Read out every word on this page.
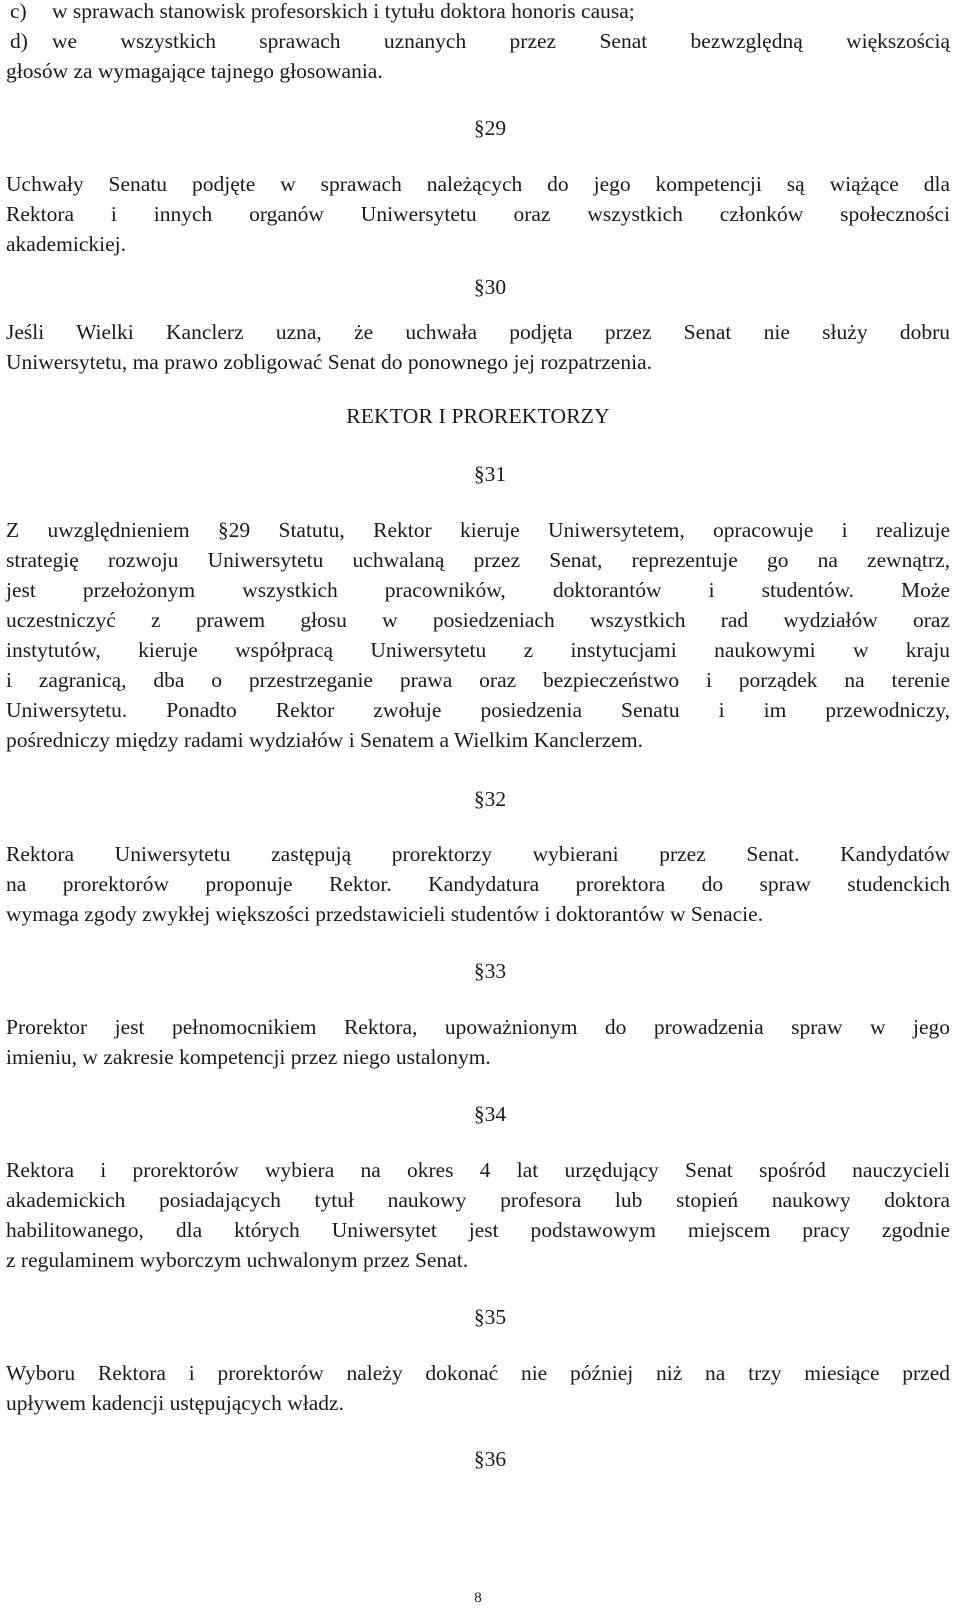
c) w sprawach stanowisk profesorskich i tytułu doktora honoris causa;
d) we wszystkich sprawach uznanych przez Senat bezwzględną większością
głosów za wymagające tajnego głosowania.
§29
Uchwały Senatu podjęte w sprawach należących do jego kompetencji są wiążące dla
Rektora i innych organów Uniwersytetu oraz wszystkich członków społeczności
akademickiej.
§30
Jeśli Wielki Kanclerz uzna, że uchwała podjęta przez Senat nie służy dobru
Uniwersytetu, ma prawo zobligować Senat do ponownego jej rozpatrzenia.
REKTOR I PROREKTORZY
§31
Z uwzględnieniem §29 Statutu, Rektor kieruje Uniwersytetem, opracowuje i realizuje
strategię rozwoju Uniwersytetu uchwalaną przez Senat, reprezentuje go na zewnątrz,
jest przełożonym wszystkich pracowników, doktorantów i studentów. Może
uczestniczyć z prawem głosu w posiedzeniach wszystkich rad wydziałów oraz
instytutów, kieruje współpracą Uniwersytetu z instytucjami naukowymi w kraju
i zagranicą, dba o przestrzeganie prawa oraz bezpieczeństwo i porządek na terenie
Uniwersytetu. Ponadto Rektor zwołuje posiedzenia Senatu i im przewodniczy,
pośredniczy między radami wydziałów i Senatem a Wielkim Kanclerzem.
§32
Rektora Uniwersytetu zastępują prorektorzy wybierani przez Senat. Kandydatów
na prorektorów proponuje Rektor. Kandydatura prorektora do spraw studenckich
wymaga zgody zwykłej większości przedstawicieli studentów i doktorantów w Senacie.
§33
Prorektor jest pełnomocnikiem Rektora, upoważnionym do prowadzenia spraw w jego
imieniu, w zakresie kompetencji przez niego ustalonym.
§34
Rektora i prorektorów wybiera na okres 4 lat urzędujący Senat spośród nauczycieli
akademickich posiadających tytuł naukowy profesora lub stopień naukowy doktora
habilitowanego, dla których Uniwersytet jest podstawowym miejscem pracy zgodnie
z regulaminem wyborczym uchwalonym przez Senat.
§35
Wyboru Rektora i prorektorów należy dokonać nie później niż na trzy miesiące przed
upływem kadencji ustępujących władz.
§36
8
